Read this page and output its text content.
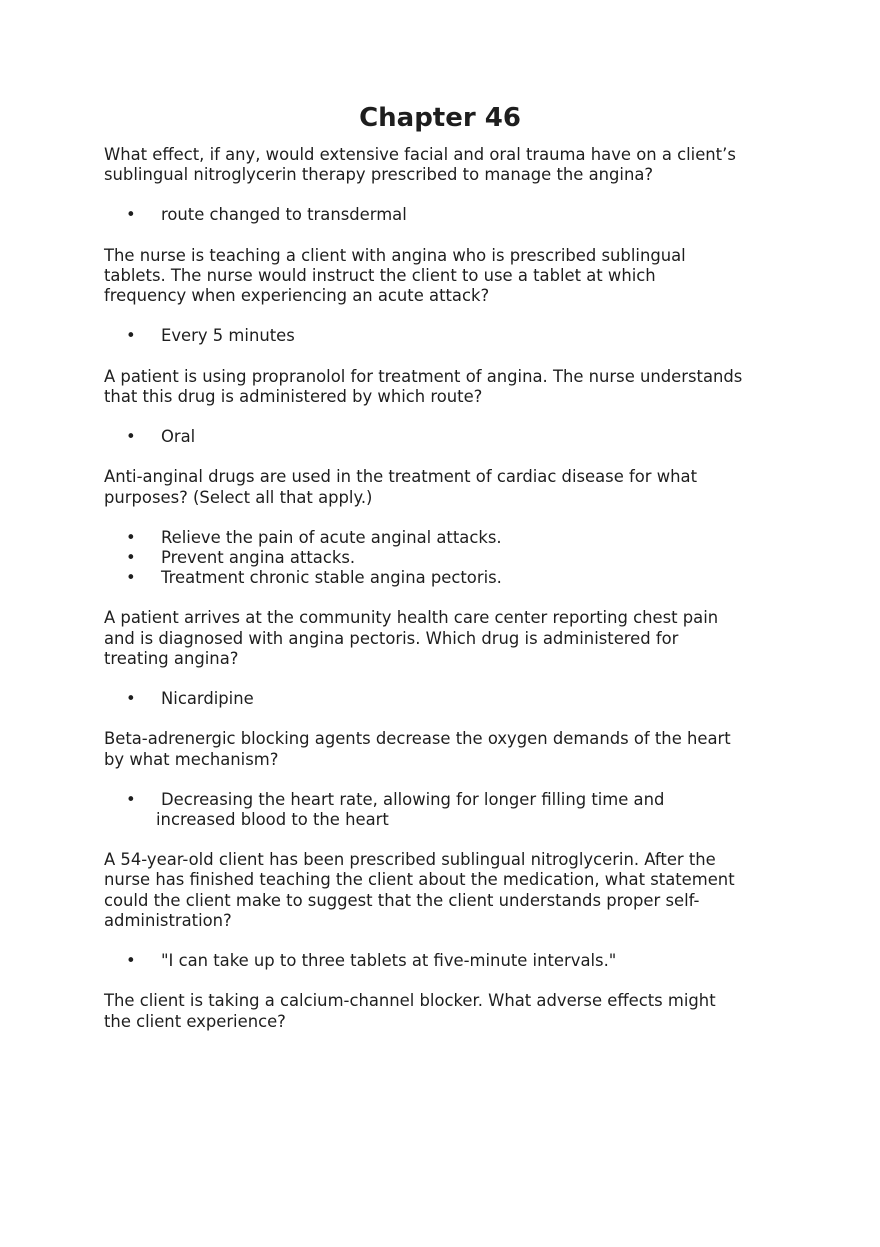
Chapter 46
What effect, if any, would extensive facial and oral trauma have on a client’s
sublingual nitroglycerin therapy prescribed to manage the angina?
• route changed to transdermal
The nurse is teaching a client with angina who is prescribed sublingual
tablets. The nurse would instruct the client to use a tablet at which
frequency when experiencing an acute attack?
• Every 5 minutes
A patient is using propranolol for treatment of angina. The nurse understands
that this drug is administered by which route?
• Oral
Anti-anginal drugs are used in the treatment of cardiac disease for what
purposes? (Select all that apply.)
• Relieve the pain of acute anginal attacks.
• Prevent angina attacks.
• Treatment chronic stable angina pectoris.
A patient arrives at the community health care center reporting chest pain
and is diagnosed with angina pectoris. Which drug is administered for
treating angina?
• Nicardipine
Beta-adrenergic blocking agents decrease the oxygen demands of the heart
by what mechanism?
• Decreasing the heart rate, allowing for longer filling time and
increased blood to the heart
A 54-year-old client has been prescribed sublingual nitroglycerin. After the
nurse has finished teaching the client about the medication, what statement
could the client make to suggest that the client understands proper self-
administration?
• "I can take up to three tablets at five-minute intervals."
The client is taking a calcium-channel blocker. What adverse effects might
the client experience?
